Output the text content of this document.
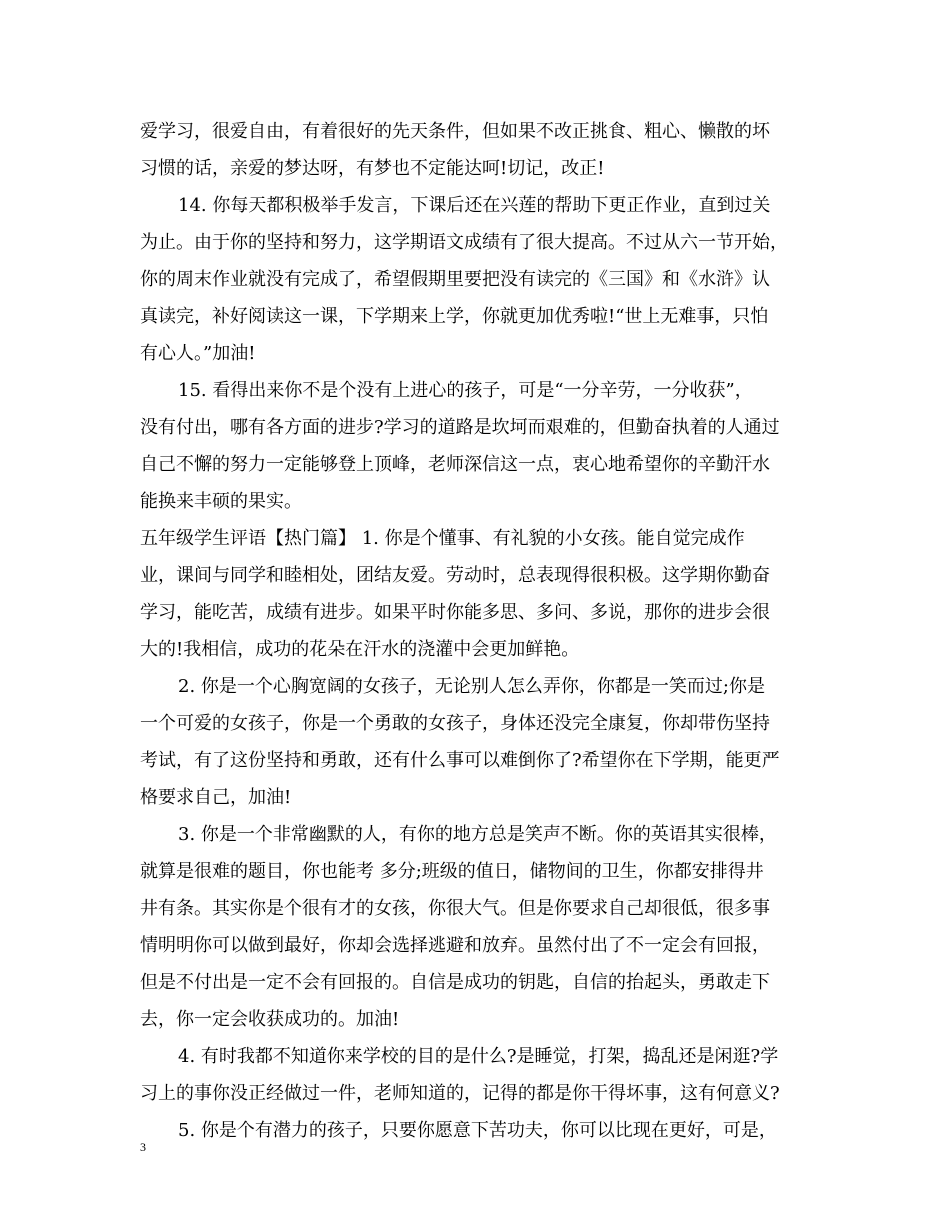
爱学习，很爱自由，有着很好的先天条件，但如果不改正挑食、粗心、懒散的坏
习惯的话，亲爱的梦达呀，有梦也不定能达呵!切记，改正!
14. 你每天都积极举手发言，下课后还在兴莲的帮助下更正作业，直到过关
为止。由于你的坚持和努力，这学期语文成绩有了很大提高。不过从六一节开始，
你的周末作业就没有完成了，希望假期里要把没有读完的《三国》和《水浒》认
真读完，补好阅读这一课，下学期来上学，你就更加优秀啦!“世上无难事，只怕
有心人。”加油!
15. 看得出来你不是个没有上进心的孩子，可是“一分辛劳，一分收获”，
没有付出，哪有各方面的进步?学习的道路是坎坷而艰难的，但勤奋执着的人通过
自己不懈的努力一定能够登上顶峰，老师深信这一点，衷心地希望你的辛勤汗水
能换来丰硕的果实。
五年级学生评语【热门篇】 1. 你是个懂事、有礼貌的小女孩。能自觉完成作
业，课间与同学和睦相处，团结友爱。劳动时，总表现得很积极。这学期你勤奋
学习，能吃苦，成绩有进步。如果平时你能多思、多问、多说，那你的进步会很
大的!我相信，成功的花朵在汗水的浇灌中会更加鲜艳。
2. 你是一个心胸宽阔的女孩子，无论别人怎么弄你，你都是一笑而过;你是
一个可爱的女孩子，你是一个勇敢的女孩子，身体还没完全康复，你却带伤坚持
考试，有了这份坚持和勇敢，还有什么事可以难倒你了?希望你在下学期，能更严
格要求自己，加油!
3. 你是一个非常幽默的人，有你的地方总是笑声不断。你的英语其实很棒，
就算是很难的题目，你也能考 多分;班级的值日，储物间的卫生，你都安排得井
井有条。其实你是个很有才的女孩，你很大气。但是你要求自己却很低，很多事
情明明你可以做到最好，你却会选择逃避和放弃。虽然付出了不一定会有回报，
但是不付出是一定不会有回报的。自信是成功的钥匙，自信的抬起头，勇敢走下
去，你一定会收获成功的。加油!
4. 有时我都不知道你来学校的目的是什么?是睡觉，打架，捣乱还是闲逛?学
习上的事你没正经做过一件，老师知道的，记得的都是你干得坏事，这有何意义?
5. 你是个有潜力的孩子，只要你愿意下苦功夫，你可以比现在更好，可是，
3
